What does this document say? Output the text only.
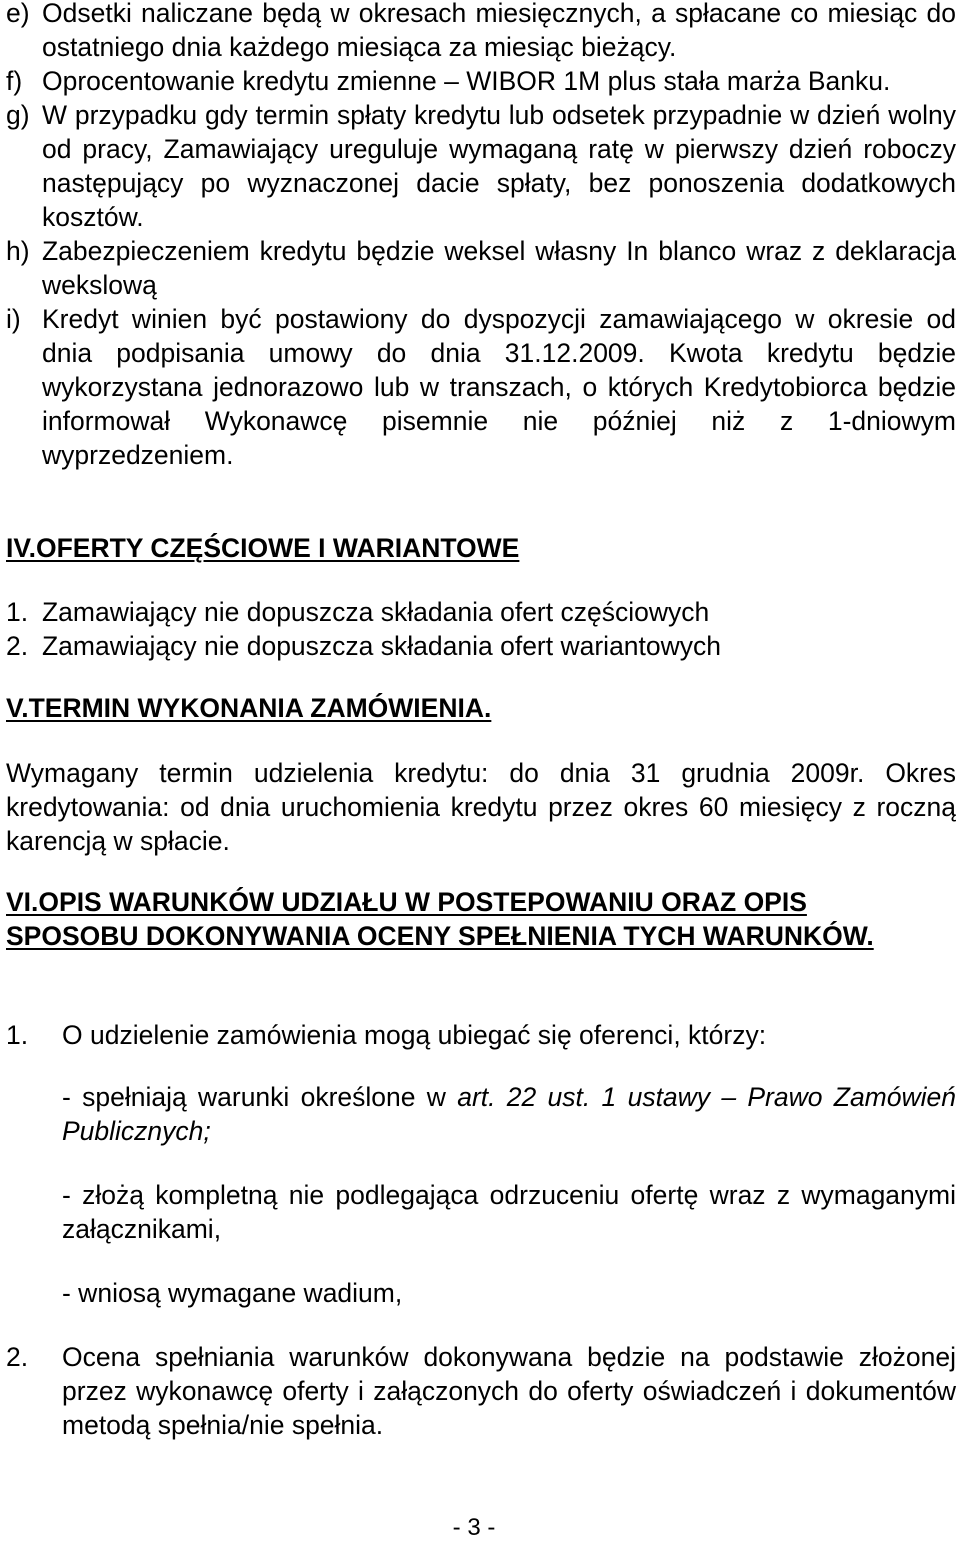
e) Odsetki naliczane będą w okresach miesięcznych, a spłacane co miesiąc do ostatniego dnia każdego miesiąca za miesiąc bieżący.
f) Oprocentowanie kredytu zmienne – WIBOR 1M plus stała marża Banku.
g) W przypadku gdy termin spłaty kredytu lub odsetek przypadnie w dzień wolny od pracy, Zamawiający ureguluje wymaganą ratę w pierwszy dzień roboczy następujący po wyznaczonej dacie spłaty, bez ponoszenia dodatkowych kosztów.
h) Zabezpieczeniem kredytu będzie weksel własny In blanco wraz z deklaracja wekslową
i) Kredyt winien być postawiony do dyspozycji zamawiającego w okresie od dnia podpisania umowy do dnia 31.12.2009. Kwota kredytu będzie wykorzystana jednorazowo lub w transzach, o których Kredytobiorca będzie informował Wykonawcę pisemnie nie później niż z 1-dniowym wyprzedzeniem.
IV.OFERTY CZĘŚCIOWE I WARIANTOWE
1. Zamawiający nie dopuszcza składania ofert częściowych
2. Zamawiający nie dopuszcza składania ofert wariantowych
V.TERMIN WYKONANIA ZAMÓWIENIA.
Wymagany termin udzielenia kredytu: do dnia 31 grudnia 2009r. Okres kredytowania: od dnia uruchomienia kredytu przez okres 60 miesięcy z roczną karencją w spłacie.
VI.OPIS WARUNKÓW UDZIAŁU W POSTEPOWANIU ORAZ OPIS SPOSOBU DOKONYWANIA OCENY SPEŁNIENIA TYCH WARUNKÓW.
1.	O udzielenie zamówienia mogą ubiegać się oferenci, którzy:
- spełniają warunki określone w art. 22 ust. 1 ustawy – Prawo Zamówień Publicznych;
- złożą kompletną nie podlegająca odrzuceniu ofertę wraz z wymaganymi załącznikami,
- wniosą wymagane wadium,
2.	Ocena spełniania warunków dokonywana będzie na podstawie złożonej przez wykonawcę oferty i załączonych do oferty oświadczeń i dokumentów metodą spełnia/nie spełnia.
- 3 -
